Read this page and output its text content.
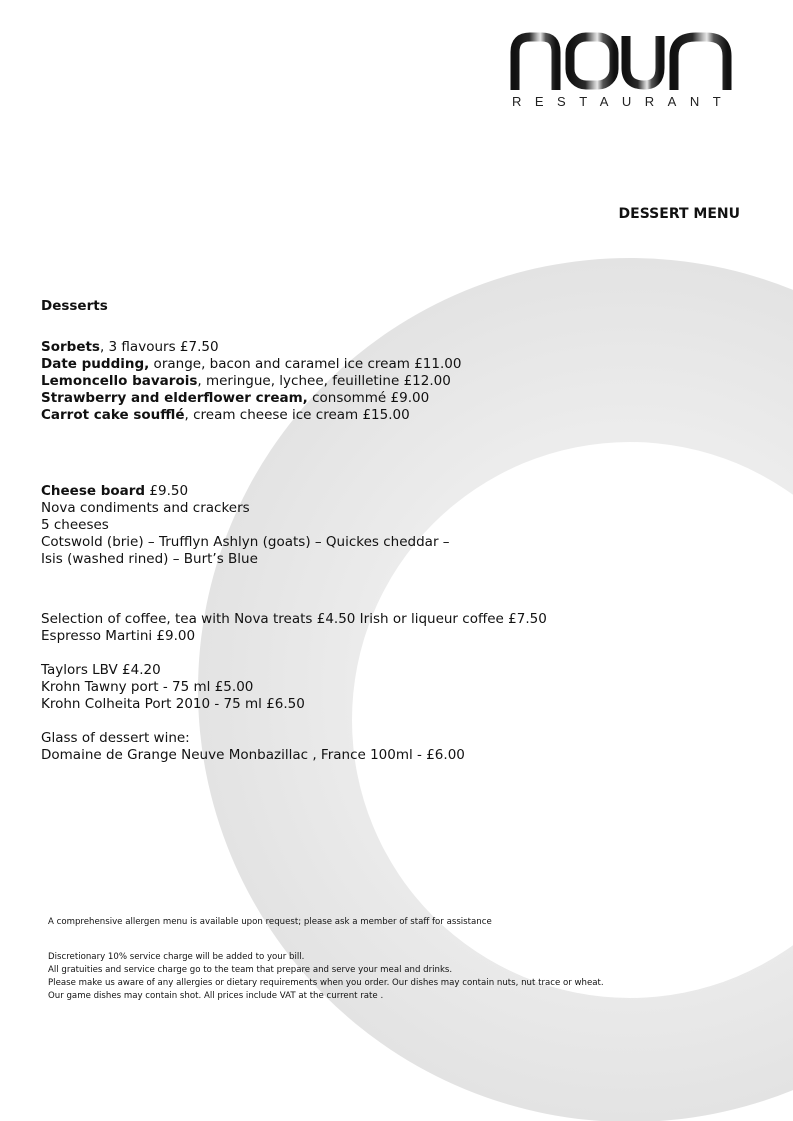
RESTAURANT
DESSERT MENU

Desserts

Sorbets, 3 flavours £7.50

Date pudding, orange, bacon and caramel ice cream £11.00

Lemoncello bavarois, meringue, lychee, feuilletine £12.00

Strawberry and elderflower cream, consommé £9.00

Carrot cake soufflé, cream cheese ice cream £15.00

Cheese board £9.50

Nova condiments and crackers

5 cheeses

Cotswold (brie) – Trufflyn Ashlyn (goats) – Quickes cheddar –

Isis (washed rined) – Burt’s Blue

Selection of coffee, tea with Nova treats £4.50 Irish or liqueur coffee £7.50

Espresso Martini £9.00

Taylors LBV £4.20

Krohn Tawny port - 75 ml £5.00

Krohn Colheita Port 2010 - 75 ml £6.50

Glass of dessert wine:

Domaine de Grange Neuve Monbazillac , France 100ml - £6.00

A comprehensive allergen menu is available upon request; please ask a member of staff for assistance

Discretionary 10% service charge will be added to your bill.

All gratuities and service charge go to the team that prepare and serve your meal and drinks.

Please make us aware of any allergies or dietary requirements when you order. Our dishes may contain nuts, nut trace or wheat.

Our game dishes may contain shot. All prices include VAT at the current rate .
